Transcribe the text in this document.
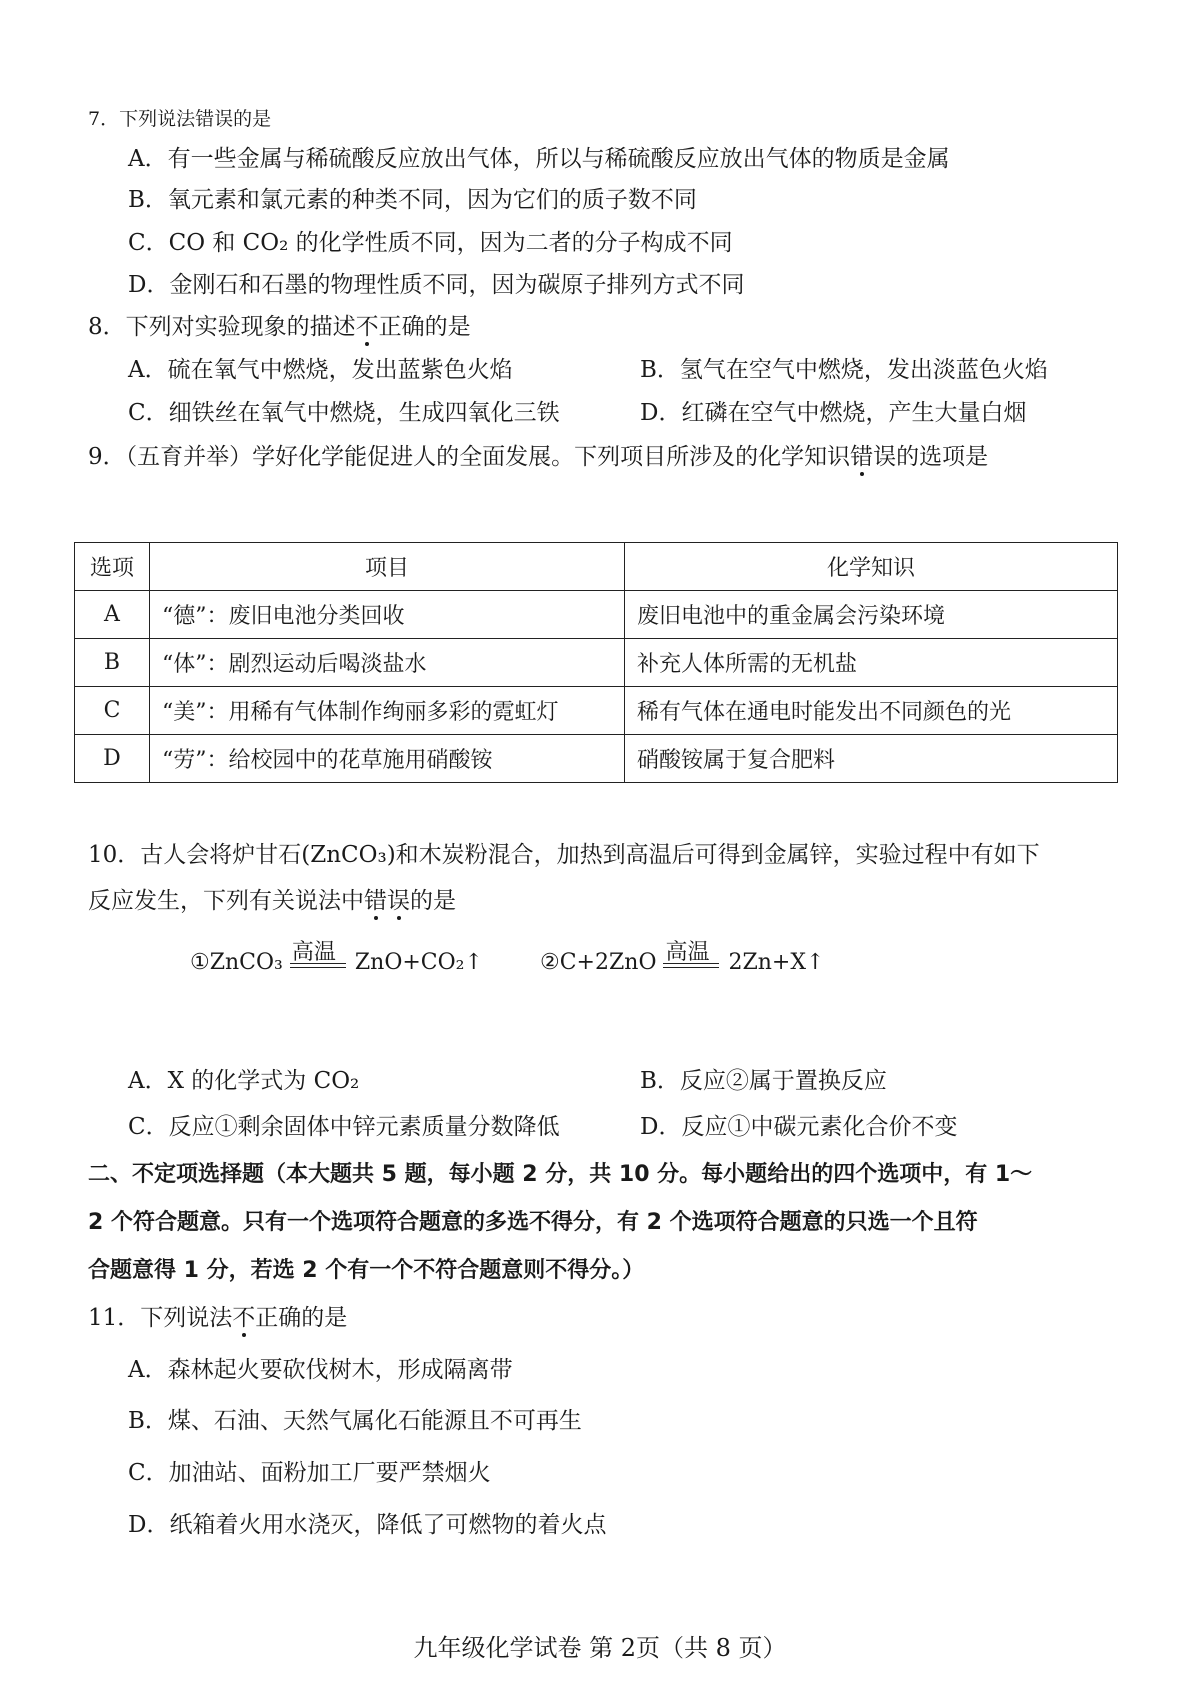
7．下列说法错误的是
A．有一些金属与稀硫酸反应放出气体，所以与稀硫酸反应放出气体的物质是金属
B．氧元素和氯元素的种类不同，因为它们的质子数不同
C．CO 和 CO₂ 的化学性质不同，因为二者的分子构成不同
D．金刚石和石墨的物理性质不同，因为碳原子排列方式不同
8．下列对实验现象的描述不正确的是
A．硫在氧气中燃烧，发出蓝紫色火焰	B．氢气在空气中燃烧，发出淡蓝色火焰
C．细铁丝在氧气中燃烧，生成四氧化三铁	D．红磷在空气中燃烧，产生大量白烟
9．（五育并举）学好化学能促进人的全面发展。下列项目所涉及的化学知识错误的选项是
选项	项目	化学知识
A	“德”：废旧电池分类回收	废旧电池中的重金属会污染环境
B	“体”：剧烈运动后喝淡盐水	补充人体所需的无机盐
C	“美”：用稀有气体制作绚丽多彩的霓虹灯	稀有气体在通电时能发出不同颜色的光
D	“劳”：给校园中的花草施用硝酸铵	硝酸铵属于复合肥料
10．古人会将炉甘石(ZnCO₃)和木炭粉混合，加热到高温后可得到金属锌，实验过程中有如下
反应发生，下列有关说法中错误的是
①ZnCO₃ 高温 ZnO+CO₂↑	②C+2ZnO 高温 2Zn+X↑
A．X 的化学式为 CO₂	B．反应②属于置换反应
C．反应①剩余固体中锌元素质量分数降低	D．反应①中碳元素化合价不变
二、不定项选择题（本大题共 5 题，每小题 2 分，共 10 分。每小题给出的四个选项中，有 1～
2 个符合题意。只有一个选项符合题意的多选不得分，有 2 个选项符合题意的只选一个且符
合题意得 1 分，若选 2 个有一个不符合题意则不得分。）
11．下列说法不正确的是
A．森林起火要砍伐树木，形成隔离带
B．煤、石油、天然气属化石能源且不可再生
C．加油站、面粉加工厂要严禁烟火
D．纸箱着火用水浇灭，降低了可燃物的着火点
九年级化学试卷 第 2页（共 8 页）
